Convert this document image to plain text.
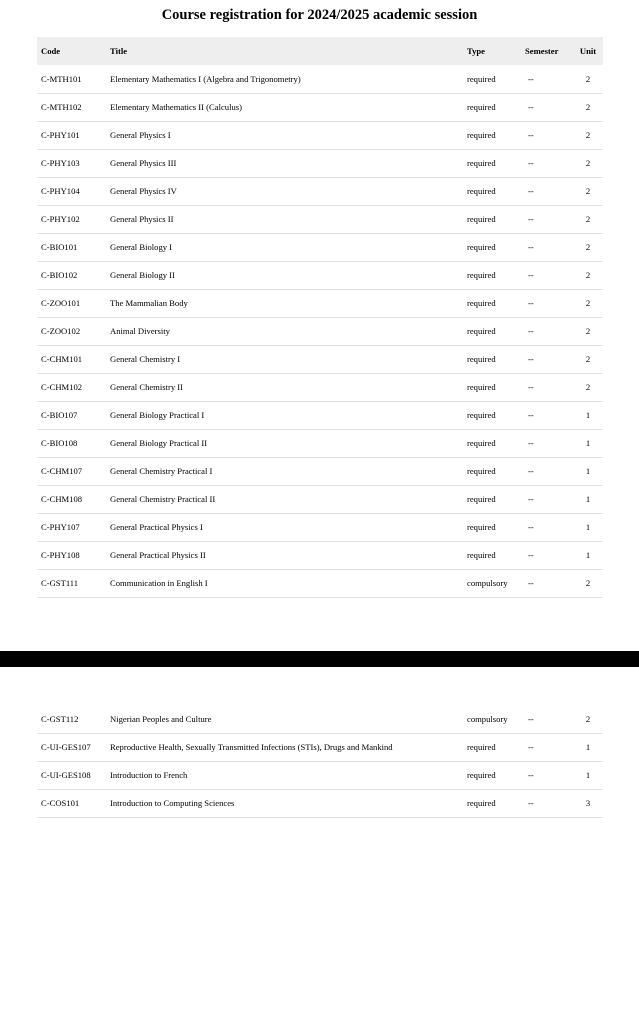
Course registration for 2024/2025 academic session
Code	Title	Type	Semester	Unit
C-MTH101	Elementary Mathematics I (Algebra and Trigonometry)	required	--	2
C-MTH102	Elementary Mathematics II (Calculus)	required	--	2
C-PHY101	General Physics I	required	--	2
C-PHY103	General Physics III	required	--	2
C-PHY104	General Physics IV	required	--	2
C-PHY102	General Physics II	required	--	2
C-BIO101	General Biology I	required	--	2
C-BIO102	General Biology II	required	--	2
C-ZOO101	The Mammalian Body	required	--	2
C-ZOO102	Animal Diversity	required	--	2
C-CHM101	General Chemistry I	required	--	2
C-CHM102	General Chemistry II	required	--	2
C-BIO107	General Biology Practical I	required	--	1
C-BIO108	General Biology Practical II	required	--	1
C-CHM107	General Chemistry Practical I	required	--	1
C-CHM108	General Chemistry Practical II	required	--	1
C-PHY107	General Practical Physics I	required	--	1
C-PHY108	General Practical Physics II	required	--	1
C-GST111	Communication in English I	compulsory	--	2
C-GST112	Nigerian Peoples and Culture	compulsory	--	2
C-UI-GES107	Reproductive Health, Sexually Transmitted Infections (STIs), Drugs and Mankind	required	--	1
C-UI-GES108	Introduction to French	required	--	1
C-COS101	Introduction to Computing Sciences	required	--	3
